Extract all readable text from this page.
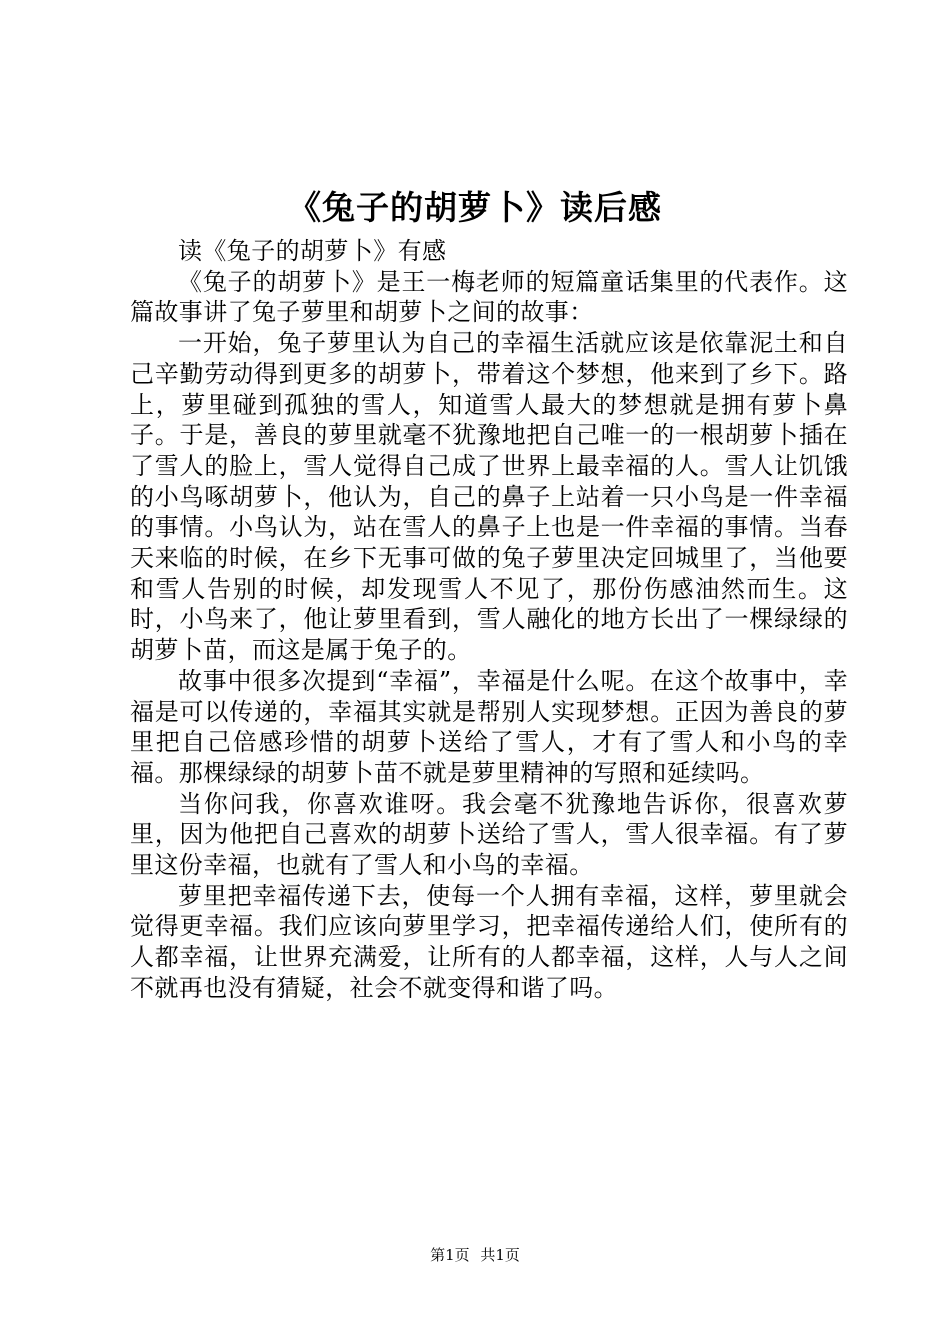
《兔子的胡萝卜》读后感

读《兔子的胡萝卜》有感

《兔子的胡萝卜》是王一梅老师的短篇童话集里的代表作。这篇故事讲了兔子萝里和胡萝卜之间的故事：

一开始，兔子萝里认为自己的幸福生活就应该是依靠泥土和自己辛勤劳动得到更多的胡萝卜，带着这个梦想，他来到了乡下。路上，萝里碰到孤独的雪人，知道雪人最大的梦想就是拥有萝卜鼻子。于是，善良的萝里就毫不犹豫地把自己唯一的一根胡萝卜插在了雪人的脸上，雪人觉得自己成了世界上最幸福的人。雪人让饥饿的小鸟啄胡萝卜，他认为，自己的鼻子上站着一只小鸟是一件幸福的事情。小鸟认为，站在雪人的鼻子上也是一件幸福的事情。当春天来临的时候，在乡下无事可做的兔子萝里决定回城里了，当他要和雪人告别的时候，却发现雪人不见了，那份伤感油然而生。这时，小鸟来了，他让萝里看到，雪人融化的地方长出了一棵绿绿的胡萝卜苗，而这是属于兔子的。

故事中很多次提到“幸福”，幸福是什么呢。在这个故事中，幸福是可以传递的，幸福其实就是帮别人实现梦想。正因为善良的萝里把自己倍感珍惜的胡萝卜送给了雪人，才有了雪人和小鸟的幸福。那棵绿绿的胡萝卜苗不就是萝里精神的写照和延续吗。

当你问我，你喜欢谁呀。我会毫不犹豫地告诉你，很喜欢萝里，因为他把自己喜欢的胡萝卜送给了雪人，雪人很幸福。有了萝里这份幸福，也就有了雪人和小鸟的幸福。

萝里把幸福传递下去，使每一个人拥有幸福，这样，萝里就会觉得更幸福。我们应该向萝里学习，把幸福传递给人们，使所有的人都幸福，让世界充满爱，让所有的人都幸福，这样，人与人之间不就再也没有猜疑，社会不就变得和谐了吗。

第1页 共1页
